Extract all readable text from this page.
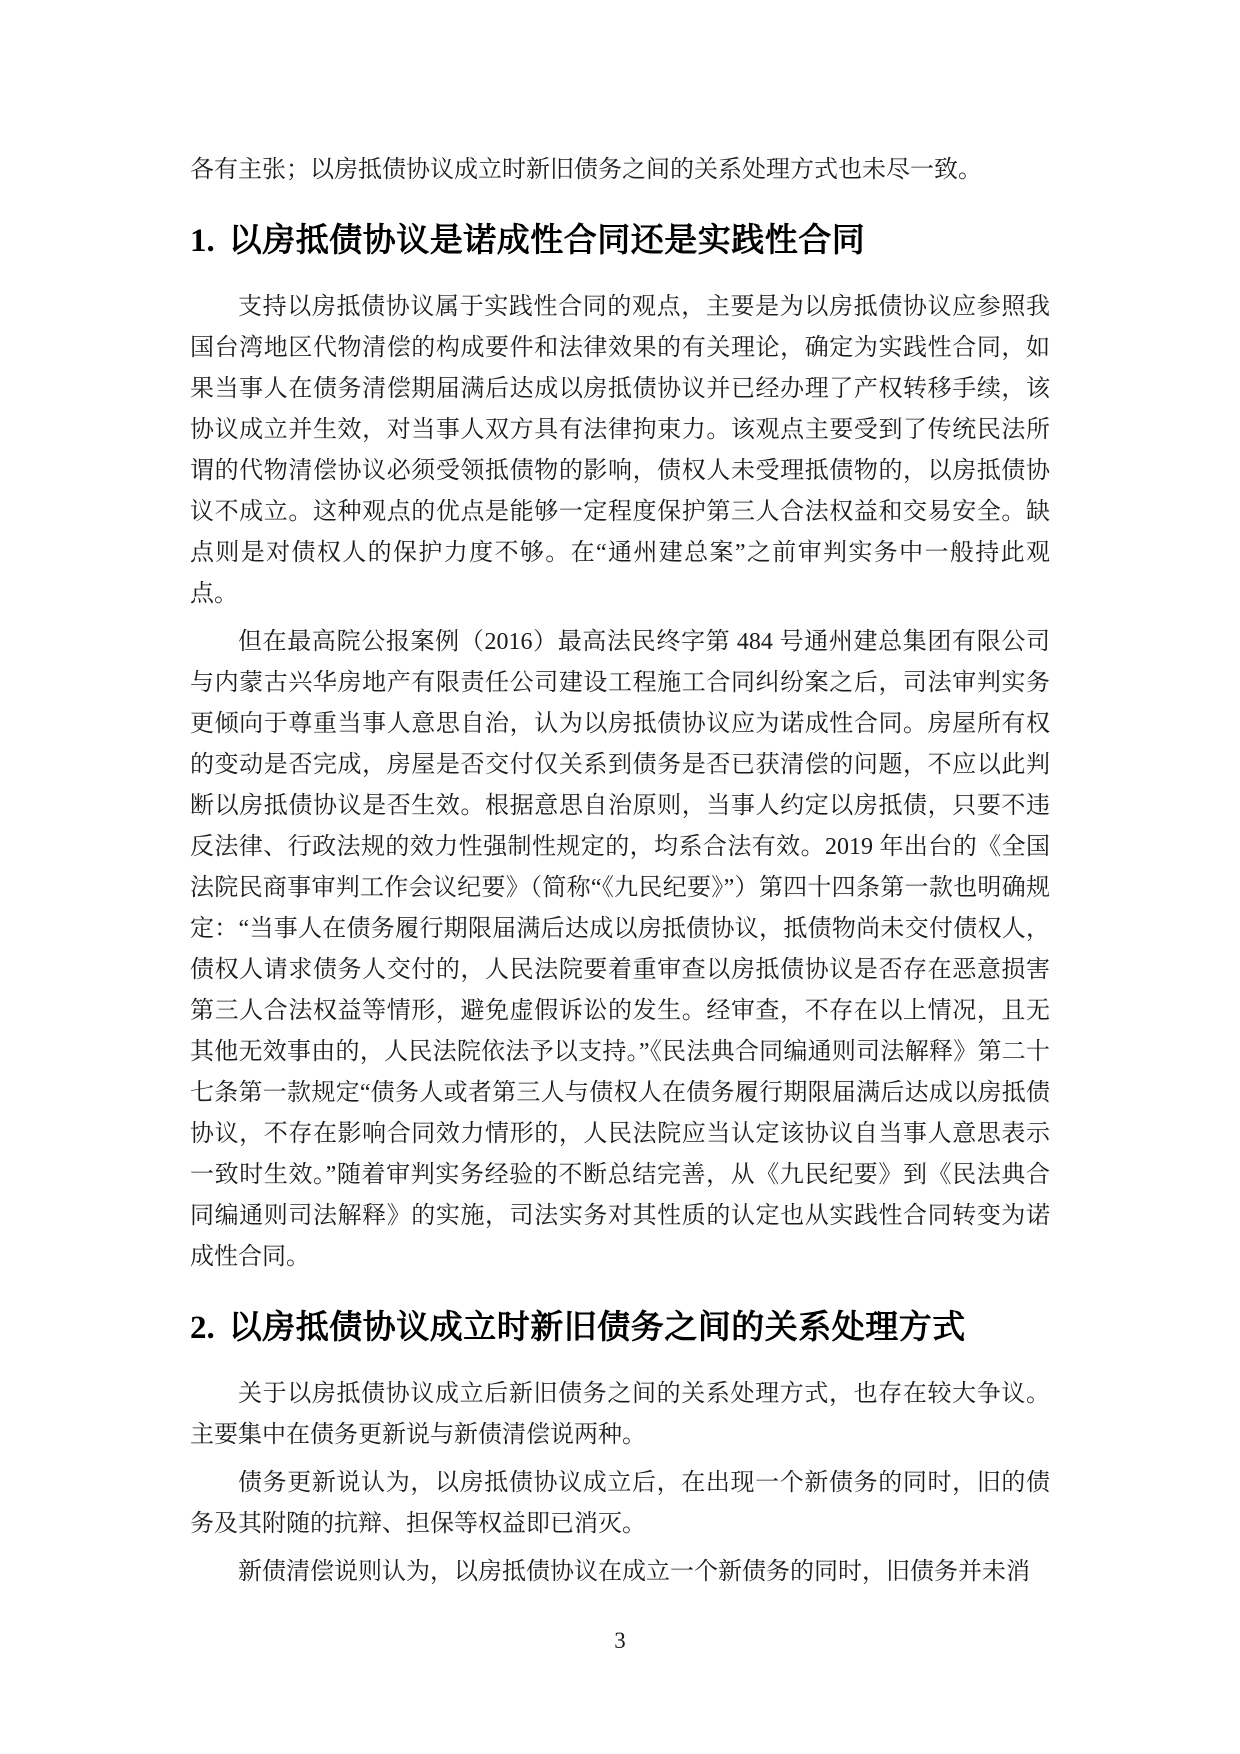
各有主张；以房抵债协议成立时新旧债务之间的关系处理方式也未尽一致。

1. 以房抵债协议是诺成性合同还是实践性合同

支持以房抵债协议属于实践性合同的观点，主要是为以房抵债协议应参照我国台湾地区代物清偿的构成要件和法律效果的有关理论，确定为实践性合同，如果当事人在债务清偿期届满后达成以房抵债协议并已经办理了产权转移手续，该协议成立并生效，对当事人双方具有法律拘束力。该观点主要受到了传统民法所谓的代物清偿协议必须受领抵债物的影响，债权人未受理抵债物的，以房抵债协议不成立。这种观点的优点是能够一定程度保护第三人合法权益和交易安全。缺点则是对债权人的保护力度不够。在“通州建总案”之前审判实务中一般持此观点。

但在最高院公报案例（2016）最高法民终字第 484 号通州建总集团有限公司与内蒙古兴华房地产有限责任公司建设工程施工合同纠纷案之后，司法审判实务更倾向于尊重当事人意思自治，认为以房抵债协议应为诺成性合同。房屋所有权的变动是否完成，房屋是否交付仅关系到债务是否已获清偿的问题，不应以此判断以房抵债协议是否生效。根据意思自治原则，当事人约定以房抵债，只要不违反法律、行政法规的效力性强制性规定的，均系合法有效。2019 年出台的《全国法院民商事审判工作会议纪要》（简称“《九民纪要》”）第四十四条第一款也明确规定：“当事人在债务履行期限届满后达成以房抵债协议，抵债物尚未交付债权人，债权人请求债务人交付的，人民法院要着重审查以房抵债协议是否存在恶意损害第三人合法权益等情形，避免虚假诉讼的发生。经审查，不存在以上情况，且无其他无效事由的，人民法院依法予以支持。”《民法典合同编通则司法解释》第二十七条第一款规定“债务人或者第三人与债权人在债务履行期限届满后达成以房抵债协议，不存在影响合同效力情形的，人民法院应当认定该协议自当事人意思表示一致时生效。”随着审判实务经验的不断总结完善，从《九民纪要》到《民法典合同编通则司法解释》的实施，司法实务对其性质的认定也从实践性合同转变为诺成性合同。

2. 以房抵债协议成立时新旧债务之间的关系处理方式

关于以房抵债协议成立后新旧债务之间的关系处理方式，也存在较大争议。主要集中在债务更新说与新债清偿说两种。

债务更新说认为，以房抵债协议成立后，在出现一个新债务的同时，旧的债务及其附随的抗辩、担保等权益即已消灭。

新债清偿说则认为，以房抵债协议在成立一个新债务的同时，旧债务并未消

3
